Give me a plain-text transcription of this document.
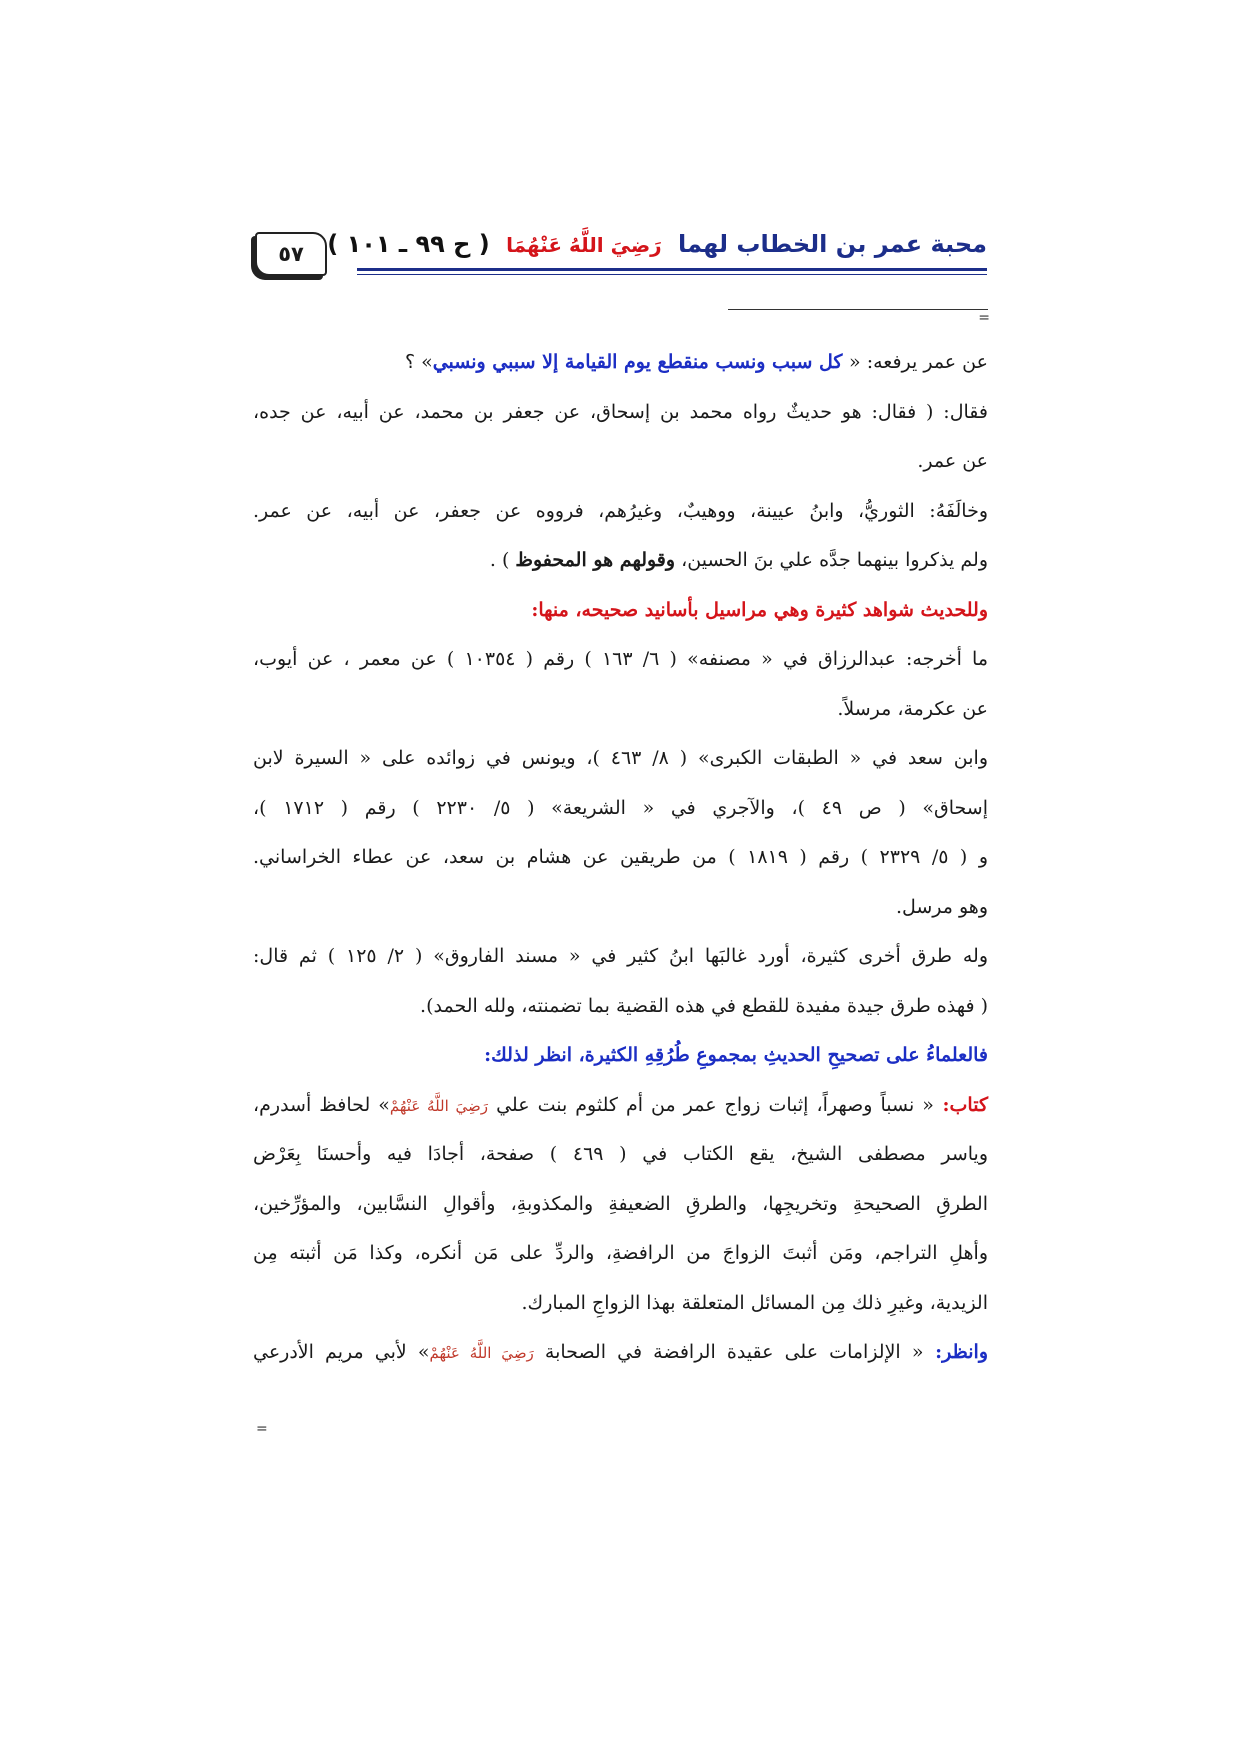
٥٧	محبة عمر بن الخطاب لهما رَضِيَ اللَّهُ عَنْهُمَا ( ح ٩٩ ـ ١٠١ )
=
عن عمر يرفعه: « كل سبب ونسب منقطع يوم القيامة إلا سببي ونسبي» ؟
فقال: ( فقال: هو حديثٌ رواه محمد بن إسحاق، عن جعفر بن محمد، عن أبيه، عن جده،
عن عمر.
وخالَفَهُ: الثوريُّ، وابنُ عيينة، ووهيبٌ، وغيرُهم، فرووه عن جعفر، عن أبيه، عن عمر.
ولم يذكروا بينهما جدَّه علي بنَ الحسين، وقولهم هو المحفوظ ) .
وللحديث شواهد كثيرة وهي مراسيل بأسانيد صحيحه، منها:
ما أخرجه: عبدالرزاق في « مصنفه» ( ٦/ ١٦٣ ) رقم ( ١٠٣٥٤ ) عن معمر ، عن أيوب،
عن عكرمة، مرسلاً.
وابن سعد في « الطبقات الكبرى» ( ٨/ ٤٦٣ )، ويونس في زوائده على « السيرة لابن
إسحاق» ( ص ٤٩ )، والآجري في « الشريعة» ( ٥/ ٢٢٣٠ ) رقم ( ١٧١٢ )،
و ( ٥/ ٢٣٢٩ ) رقم ( ١٨١٩ ) من طريقين عن هشام بن سعد، عن عطاء الخراساني.
وهو مرسل.
وله طرق أخرى كثيرة، أورد غالبَها ابنُ كثير في « مسند الفاروق» ( ٢/ ١٢٥ ) ثم قال:
( فهذه طرق جيدة مفيدة للقطع في هذه القضية بما تضمنته، ولله الحمد).
فالعلماءُ على تصحيحِ الحديثِ بمجموعِ طُرُقِهِ الكثيرة، انظر لذلك:
كتاب: « نسباً وصهراً، إثبات زواج عمر من أم كلثوم بنت علي رَضِيَ اللَّهُ عَنْهُمْ» لحافظ أسدرم،
وياسر مصطفى الشيخ، يقع الكتاب في ( ٤٦٩ ) صفحة، أجادَا فيه وأحسنَا بِعَرْض
الطرقِ الصحيحةِ وتخريجِها، والطرقِ الضعيفةِ والمكذوبةِ، وأقوالِ النسَّابين، والمؤرِّخين،
وأهلِ التراجم، ومَن أثبتَ الزواجَ من الرافضةِ، والردِّ على مَن أنكره، وكذا مَن أثبته مِن
الزيدية، وغيرِ ذلك مِن المسائل المتعلقة بهذا الزواجِ المبارك.
وانظر: « الإلزامات على عقيدة الرافضة في الصحابة رَضِيَ اللَّهُ عَنْهُمْ» لأبي مريم الأدرعي
=
